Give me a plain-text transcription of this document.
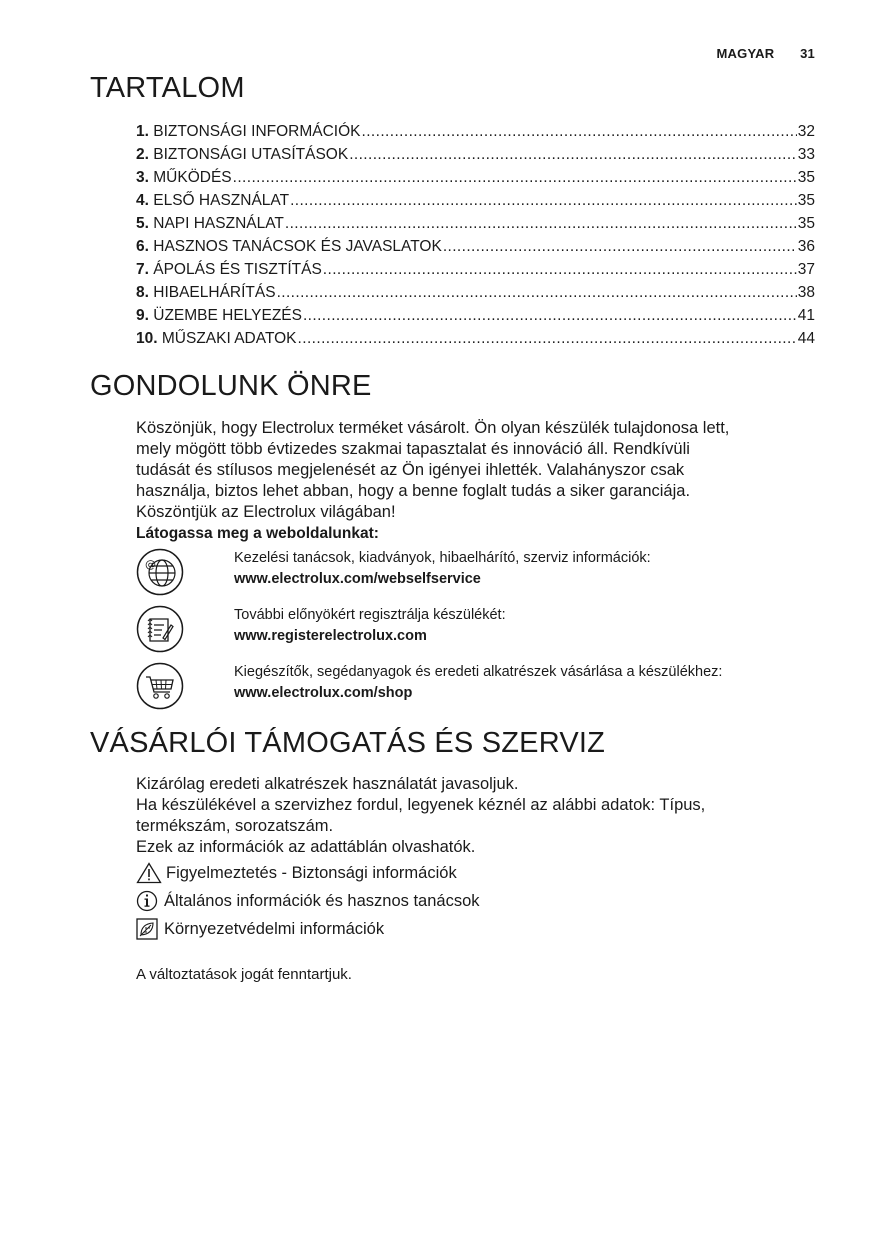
MAGYAR 31
TARTALOM
1. BIZTONSÁGI INFORMÁCIÓK .....	32
2. BIZTONSÁGI UTASÍTÁSOK .....	33
3. MŰKÖDÉS .....	35
4. ELSŐ HASZNÁLAT .....	35
5. NAPI HASZNÁLAT .....	35
6. HASZNOS TANÁCSOK ÉS JAVASLATOK .....	36
7. ÁPOLÁS ÉS TISZTÍTÁS .....	37
8. HIBAELHÁRÍTÁS .....	38
9. ÜZEMBE HELYEZÉS .....	41
10. MŰSZAKI ADATOK .....	44
GONDOLUNK ÖNRE

Köszönjük, hogy Electrolux terméket vásárolt. Ön olyan készülék tulajdonosa lett,

mely mögött több évtizedes szakmai tapasztalat és innováció áll. Rendkívüli

tudását és stílusos megjelenését az Ön igényei ihlették. Valahányszor csak

használja, biztos lehet abban, hogy a benne foglalt tudás a siker garanciája.

Köszöntjük az Electrolux világában!

Látogassa meg a weboldalunkat:

@	Kezelési tanácsok, kiadványok, hibaelhárító, szerviz információk:
www.electrolux.com/webselfservice
További előnyökért regisztrálja készülékét:
www.registerelectrolux.com
Kiegészítők, segédanyagok és eredeti alkatrészek vásárlása a készülékhez:
www.electrolux.com/shop
VÁSÁRLÓI TÁMOGATÁS ÉS SZERVIZ

Kizárólag eredeti alkatrészek használatát javasoljuk.

Ha készülékével a szervizhez fordul, legyenek kéznél az alábbi adatok: Típus,

termékszám, sorozatszám.

Ezek az információk az adattáblán olvashatók.

Figyelmeztetés - Biztonsági információk
Általános információk és hasznos tanácsok
Környezetvédelmi információk
A változtatások jogát fenntartjuk.
